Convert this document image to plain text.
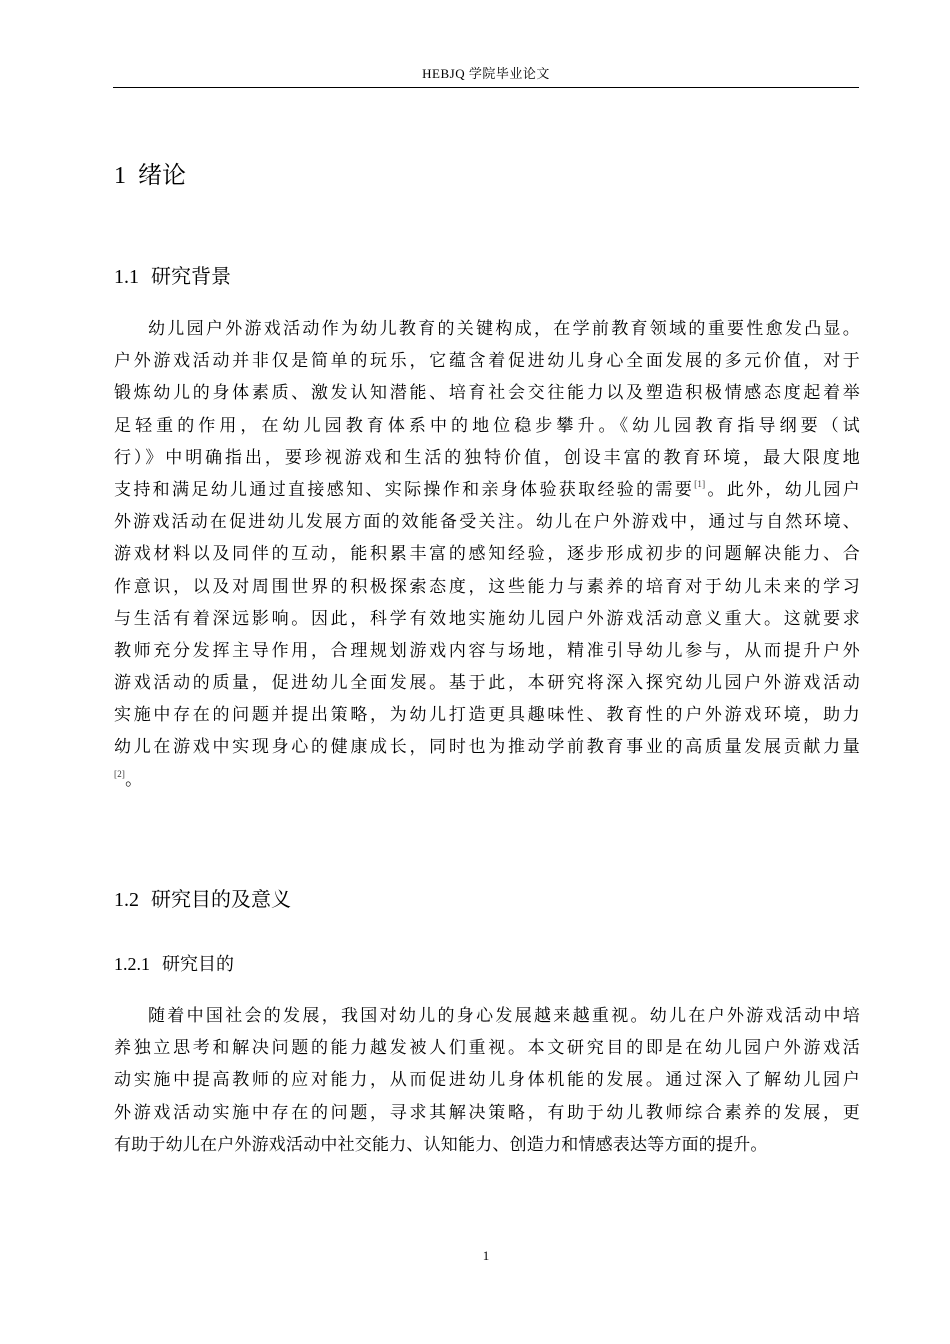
HEBJQ 学院毕业论文
1 绪论
1.1 研究背景
幼儿园户外游戏活动作为幼儿教育的关键构成，在学前教育领域的重要性愈发凸显。
户外游戏活动并非仅是简单的玩乐，它蕴含着促进幼儿身心全面发展的多元价值，对于
锻炼幼儿的身体素质、激发认知潜能、培育社会交往能力以及塑造积极情感态度起着举
足轻重的作用，在幼儿园教育体系中的地位稳步攀升。《幼儿园教育指导纲要（试
行）》中明确指出，要珍视游戏和生活的独特价值，创设丰富的教育环境，最大限度地
支持和满足幼儿通过直接感知、实际操作和亲身体验获取经验的需要[1]。此外，幼儿园户
外游戏活动在促进幼儿发展方面的效能备受关注。幼儿在户外游戏中，通过与自然环境、
游戏材料以及同伴的互动，能积累丰富的感知经验，逐步形成初步的问题解决能力、合
作意识，以及对周围世界的积极探索态度，这些能力与素养的培育对于幼儿未来的学习
与生活有着深远影响。因此，科学有效地实施幼儿园户外游戏活动意义重大。这就要求
教师充分发挥主导作用，合理规划游戏内容与场地，精准引导幼儿参与，从而提升户外
游戏活动的质量，促进幼儿全面发展。基于此，本研究将深入探究幼儿园户外游戏活动
实施中存在的问题并提出策略，为幼儿打造更具趣味性、教育性的户外游戏环境，助力
幼儿在游戏中实现身心的健康成长，同时也为推动学前教育事业的高质量发展贡献力量
[2]。
1.2 研究目的及意义
1.2.1 研究目的
随着中国社会的发展，我国对幼儿的身心发展越来越重视。幼儿在户外游戏活动中培
养独立思考和解决问题的能力越发被人们重视。本文研究目的即是在幼儿园户外游戏活
动实施中提高教师的应对能力，从而促进幼儿身体机能的发展。通过深入了解幼儿园户
外游戏活动实施中存在的问题，寻求其解决策略，有助于幼儿教师综合素养的发展，更
有助于幼儿在户外游戏活动中社交能力、认知能力、创造力和情感表达等方面的提升。
1
